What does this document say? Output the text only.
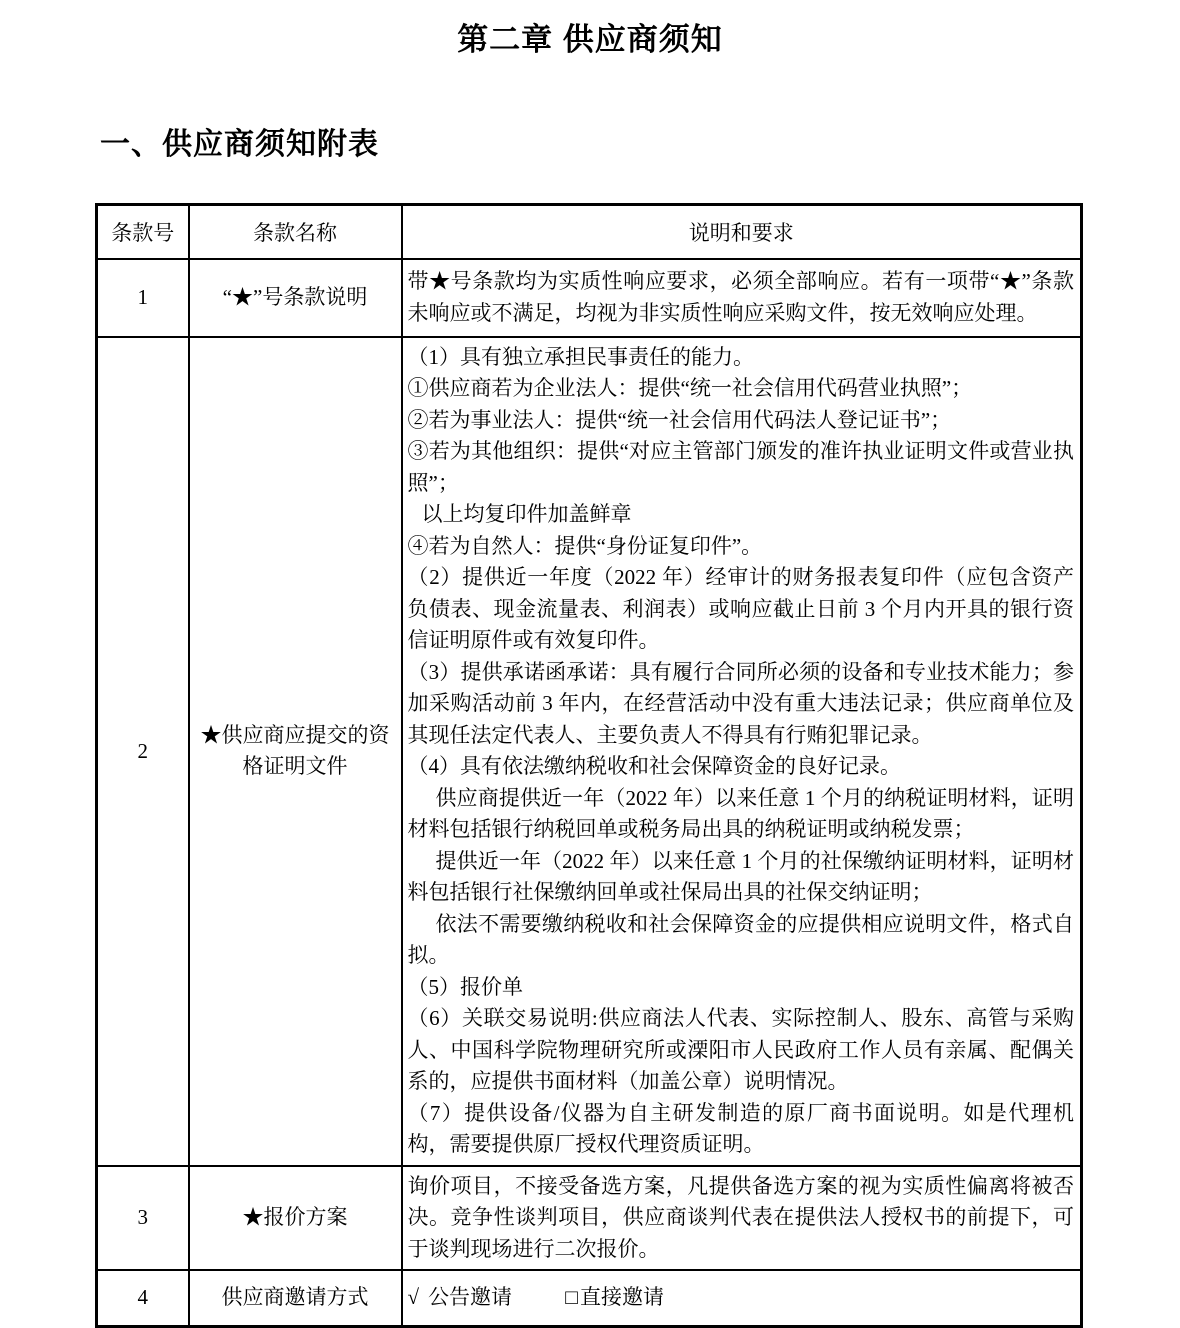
第二章 供应商须知
一、供应商须知附表
条款号	条款名称	说明和要求
1	“★”号条款说明	带★号条款均为实质性响应要求，必须全部响应。若有一项带“★”条款未响应或不满足，均视为非实质性响应采购文件，按无效响应处理。

2	★供应商应提交的资格证明文件	

（1）具有独立承担民事责任的能力。

①供应商若为企业法人：提供“统一社会信用代码营业执照”；

②若为事业法人：提供“统一社会信用代码法人登记证书”；

③若为其他组织：提供“对应主管部门颁发的准许执业证明文件或营业执照”；

以上均复印件加盖鲜章

④若为自然人：提供“身份证复印件”。

（2）提供近一年度（2022 年）经审计的财务报表复印件（应包含资产负债表、现金流量表、利润表）或响应截止日前 3 个月内开具的银行资信证明原件或有效复印件。

（3）提供承诺函承诺：具有履行合同所必须的设备和专业技术能力；参加采购活动前 3 年内，在经营活动中没有重大违法记录；供应商单位及其现任法定代表人、主要负责人不得具有行贿犯罪记录。

（4）具有依法缴纳税收和社会保障资金的良好记录。

供应商提供近一年（2022 年）以来任意 1 个月的纳税证明材料，证明材料包括银行纳税回单或税务局出具的纳税证明或纳税发票；

提供近一年（2022 年）以来任意 1 个月的社保缴纳证明材料，证明材料包括银行社保缴纳回单或社保局出具的社保交纳证明；

依法不需要缴纳税收和社会保障资金的应提供相应说明文件，格式自拟。

（5）报价单

（6）关联交易说明:供应商法人代表、实际控制人、股东、高管与采购人、中国科学院物理研究所或溧阳市人民政府工作人员有亲属、配偶关系的，应提供书面材料（加盖公章）说明情况。

（7）提供设备/仪器为自主研发制造的原厂商书面说明。如是代理机构，需要提供原厂授权代理资质证明。

3	★报价方案	询价项目，不接受备选方案，凡提供备选方案的视为实质性偏离将被否决。竞争性谈判项目，供应商谈判代表在提供法人授权书的前提下，可于谈判现场进行二次报价。

4	供应商邀请方式	√ 公告邀请 □直接邀请
